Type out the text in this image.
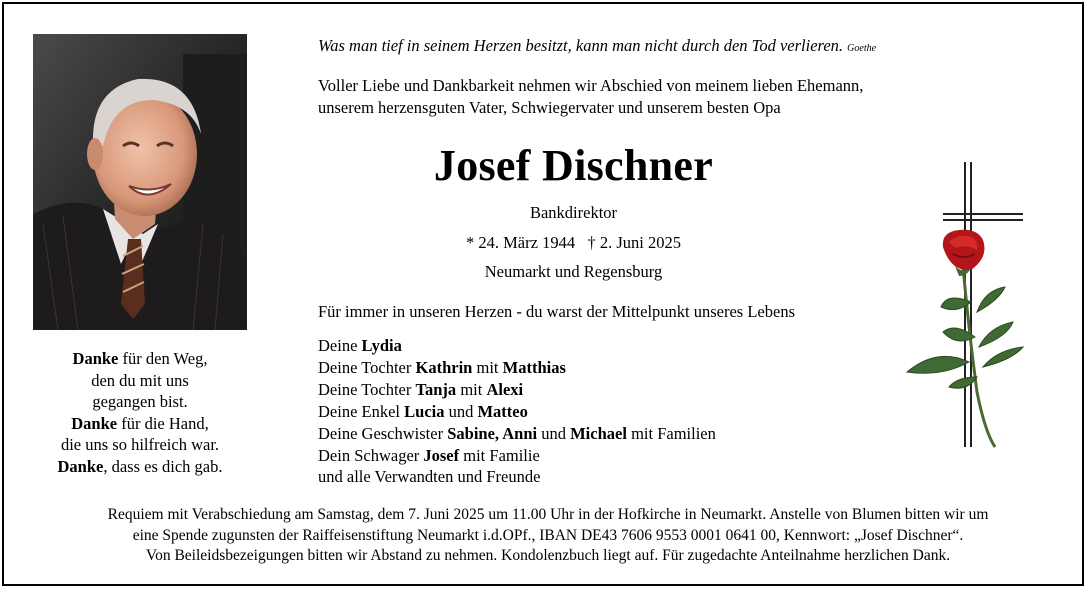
Danke für den Weg,
den du mit uns
gegangen bist.
Danke für die Hand,
die uns so hilfreich war.
Danke, dass es dich gab.
Was man tief in seinem Herzen besitzt, kann man nicht durch den Tod verlieren. Goethe
Voller Liebe und Dankbarkeit nehmen wir Abschied von meinem lieben Ehemann,
unserem herzensguten Vater, Schwiegervater und unserem besten Opa
Josef Dischner
Bankdirektor
* 24. März 1944   † 2. Juni 2025
Neumarkt und Regensburg
Für immer in unseren Herzen - du warst der Mittelpunkt unseres Lebens
Deine Lydia
Deine Tochter Kathrin mit Matthias
Deine Tochter Tanja mit Alexi
Deine Enkel Lucia und Matteo
Deine Geschwister Sabine, Anni und Michael mit Familien
Dein Schwager Josef mit Familie
und alle Verwandten und Freunde
Requiem mit Verabschiedung am Samstag, dem 7. Juni 2025 um 11.00 Uhr in der Hofkirche in Neumarkt. Anstelle von Blumen bitten wir um
eine Spende zugunsten der Raiffeisenstiftung Neumarkt i.d.OPf., IBAN DE43 7606 9553 0001 0641 00, Kennwort: „Josef Dischner“.
Von Beileidsbezeigungen bitten wir Abstand zu nehmen. Kondolenzbuch liegt auf. Für zugedachte Anteilnahme herzlichen Dank.
